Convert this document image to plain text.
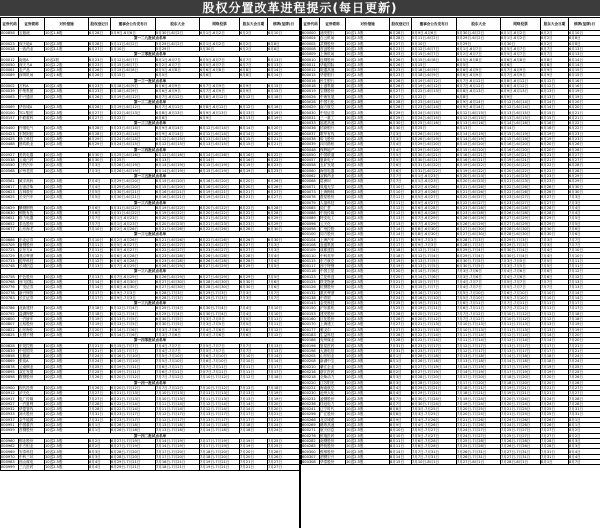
股权分置改革进程提示(每日更新)
证券代码	证券简称	对价措施	股权登记日	董事会公告发布日	股东大会	网络投票	股东大会日期	停牌(复牌)日
000858	五粮液	10送1.6股	6月28日	5月9日-6月6日	5月30日-6月2日	6月1日-6月2日	6月2日	6月10日
第一二九批试点名单								
000023	深天地A	10送2.5股	6月28日	5月11日-6月2日	5月29日-6月2日	6月1日-6月2日	6月2日	6月8日
000028	一致药业	10送3.1股	6月27日	5月10日	5月29日	5月30日	6月2日	6月8日
第一三零批试点名单								
000012	南玻A	10送2股	6月23日	5月12日-6月7日	6月1日-6月7日	6月5日-6月7日	6月7日	6月13日
000050	深天马A	10送2.2股	6月23日	5月15日-6月7日	6月2日-6月7日	6月5日-6月7日	6月7日	6月13日
000061	农产品	10送2.5股	6月26日	5月15日-6月8日	6月5日-6月8日	6月6日-6月8日	6月8日	6月14日
000089	深圳机场	10送1.6股	6月26日	5月15日	6月5日	6月6日	6月8日	6月14日
第一三一批试点名单								
000002	万科A	10送2.4股	6月23日	5月18日-6月9日	6月6日-6月9日	6月7日-6月9日	6月9日	6月15日
000039	中集集团	10送2.5股	6月23日	5月18日-6月9日	6月6日-6月9日	6月7日-6月9日	6月9日	6月15日
000063	中兴通讯	10送2.5股	6月26日	5月19日-6月12日	6月7日-6月12日	6月8日-6月12日	6月12日	6月16日
第一三二批试点名单								
000069	华侨城A	10送2.5股	6月26日	5月19日-6月12日	6月7日-6月12日	6月8日-6月12日	6月12日	6月16日
000100	TCL集团	10送2.5股	6月27日	5月22日-6月13日	6月8日-6月13日	6月9日-6月13日	6月13日	6月19日
000157	中联重科	10送2.5股	6月27日	5月22日	6月8日	6月9日	6月13日	6月19日
第一三三批试点名单								
000400	许继电气	10送2.5股	6月28日	5月23日-6月14日	6月9日-6月14日	6月12日-6月14日	6月14日	6月20日
000423	东阿阿胶	10送2.5股	6月28日	5月23日-6月14日	6月9日-6月14日	6月12日-6月14日	6月14日	6月20日
000425	徐工科技	10送2.8股	6月29日	5月24日-6月15日	6月12日-6月15日	6月13日-6月15日	6月15日	6月21日
000488	晨鸣纸业	10送2.5股	6月29日	5月24日-6月15日	6月12日-6月15日	6月13日-6月15日	6月15日	6月21日
第一三四批试点名单								
000527	美的电器	10送2.5股	6月30日	5月25日-6月16日	6月13日-6月16日	6月14日-6月16日	6月16日	6月22日
000538	云南白药	10送2.5股	6月30日	5月25日	6月13日	6月14日	6月16日	6月22日
000550	江铃汽车	10送2.5股	7月3日	5月26日-6月19日	6月14日-6月19日	6月15日-6月19日	6月19日	6月23日
000568	泸州老窖	10送2.5股	7月3日	5月26日-6月19日	6月14日-6月19日	6月15日-6月19日	6月19日	6月23日
第一三五批试点名单								
000581	威孚高科	10送2.5股	7月4日	5月29日-6月20日	6月15日-6月20日	6月16日-6月20日	6月20日	6月26日
000617	石油济柴	10送2.5股	7月4日	5月29日-6月20日	6月15日-6月20日	6月16日-6月20日	6月20日	6月26日
000623	吉林敖东	10送2.5股	7月5日	5月30日-6月21日	6月16日-6月21日	6月19日-6月21日	6月21日	6月27日
000625	长安汽车	10送2.5股	7月5日	5月30日-6月21日	6月16日-6月21日	6月19日-6月21日	6月21日	6月27日
第一三六批试点名单								
000629	攀钢钢钒	10送2.5股	7月6日	5月31日-6月22日	6月19日-6月22日	6月20日-6月22日	6月22日	6月28日
000630	铜陵有色	10送2.5股	7月6日	5月31日-6月22日	6月19日-6月22日	6月20日-6月22日	6月22日	6月28日
000651	格力电器	10送2.5股	7月7日	6月1日-6月23日	6月20日-6月23日	6月21日-6月23日	6月23日	6月29日
000652	泰达股份	10送2.5股	7月7日	6月1日-6月23日	6月20日-6月23日	6月21日-6月23日	6月23日	6月29日
000677	山东海龙	10送2.5股	7月10日	6月2日-6月26日	6月21日-6月26日	6月22日-6月26日	6月26日	6月30日
第一三七批试点名单								
000686	东北证券	10送2.5股	7月10日	6月2日-6月26日	6月21日-6月26日	6月22日-6月26日	6月26日	6月30日
000709	唐钢股份	10送2.5股	7月11日	6月5日-6月27日	6月22日-6月27日	6月23日-6月27日	6月27日	7月3日
000725	京东方A	10送2.5股	7月11日	6月5日-6月27日	6月22日-6月27日	6月23日-6月27日	6月27日	7月3日
000729	燕京啤酒	10送2.5股	7月12日	6月6日-6月28日	6月23日-6月28日	6月26日-6月28日	6月28日	7月4日
000733	振华科技	10送2.5股	7月12日	6月6日-6月28日	6月23日-6月28日	6月26日-6月28日	6月28日	7月4日
000748	长城信息	10送2.5股	7月13日	6月7日-6月29日	6月26日-6月29日	6月27日-6月29日	6月29日	7月5日
第一三八批试点名单								
000758	中色股份	10送2.5股	7月13日	6月7日-6月29日	6月26日-6月29日	6月27日-6月29日	6月29日	7月5日
000768	西飞国际	10送2.5股	7月14日	6月8日-6月30日	6月27日-6月30日	6月28日-6月30日	6月30日	7月6日
000776	广发证券	10送2.5股	7月14日	6月8日-6月30日	6月27日-6月30日	6月28日-6月30日	6月30日	7月6日
000778	新兴铸管	10送2.5股	7月17日	6月9日-7月3日	6月28日-7月3日	6月29日-7月3日	7月3日	7月7日
000783	长江证券	10送2.5股	7月17日	6月9日-7月3日	6月28日-7月3日	6月29日-7月3日	7月3日	7月7日
第一三九批试点名单								
000786	北新建材	10送2.5股	7月18日	6月12日-7月4日	6月29日-7月4日	6月30日-7月4日	7月4日	7月10日
000792	盐湖钾肥	10送2.5股	7月18日	6月12日-7月4日	6月29日-7月4日	6月30日-7月4日	7月4日	7月10日
000800	一汽轿车	10送2.5股	7月19日	6月13日-7月5日	6月30日-7月5日	7月3日-7月5日	7月5日	7月11日
000807	云铝股份	10送2.5股	7月19日	6月13日-7月5日	6月30日-7月5日	7月3日-7月5日	7月5日	7月11日
000822	山东海化	10送2.5股	7月20日	6月14日-7月6日	7月3日-7月6日	7月4日-7月6日	7月6日	7月12日
000825	太钢不锈	10送2.5股	7月20日	6月14日-7月6日	7月3日-7月6日	7月4日-7月6日	7月6日	7月12日
第一四零批试点名单								
000828	东莞控股	10送2.5股	7月21日	6月15日-7月7日	7月4日-7月7日	7月5日-7月7日	7月7日	7月13日
000839	中信国安	10送2.5股	7月21日	6月15日-7月7日	7月4日-7月7日	7月5日-7月7日	7月7日	7月13日
000858	五粮液	10送2.5股	7月24日	6月16日-7月10日	7月5日-7月10日	7月6日-7月10日	7月10日	7月14日
000869	张裕A	10送2.5股	7月24日	6月16日-7月10日	7月5日-7月10日	7月6日-7月10日	7月10日	7月14日
000878	云南铜业	10送2.5股	7月25日	6月19日-7月11日	7月6日-7月11日	7月7日-7月11日	7月11日	7月17日
000895	双汇发展	10送2.5股	7月25日	6月19日-7月11日	7月6日-7月11日	7月7日-7月11日	7月11日	7月17日
000898	鞍钢股份	10送2.5股	7月26日	6月20日-7月12日	7月7日-7月12日	7月10日-7月12日	7月12日	7月18日
第一四一批试点名单								
000900	现代投资	10送2.5股	7月26日	6月20日-7月12日	7月7日-7月12日	7月10日-7月12日	7月12日	7月18日
000912	泸天化	10送2.5股	7月27日	6月21日-7月13日	7月10日-7月13日	7月11日-7月13日	7月13日	7月19日
000917	电广传媒	10送2.5股	7月27日	6月21日-7月13日	7月10日-7月13日	7月11日-7月13日	7月13日	7月19日
000927	一汽夏利	10送2.5股	7月28日	6月22日-7月14日	7月11日-7月14日	7月12日-7月14日	7月14日	7月20日
000932	华菱管线	10送2.5股	7月28日	6月22日-7月14日	7月11日-7月14日	7月12日-7月14日	7月14日	7月20日
000933	神火股份	10送2.5股	7月31日	6月23日-7月17日	7月12日-7月17日	7月13日-7月17日	7月17日	7月21日
000937	金牛能源	10送2.5股	7月31日	6月23日-7月17日	7月12日-7月17日	7月13日-7月17日	7月17日	7月21日
000951	中国重汽	10送2.5股	8月1日	6月26日-7月18日	7月13日-7月18日	7月14日-7月18日	7月18日	7月24日
000959	首钢股份	10送2.5股	8月1日	6月26日-7月18日	7月13日-7月18日	7月14日-7月18日	7月18日	7月24日
第一四二批试点名单								
000960	锡业股份	10送2.5股	8月2日	6月27日-7月19日	7月14日-7月19日	7月17日-7月19日	7月19日	7月25日
000962	东方钽业	10送2.5股	8月2日	6月27日-7月19日	7月14日-7月19日	7月17日-7月19日	7月19日	7月25日
000969	安泰科技	10送2.5股	8月3日	6月28日-7月20日	7月17日-7月20日	7月18日-7月20日	7月20日	7月26日
000970	中科三环	10送2.5股	8月3日	6月28日-7月20日	7月17日-7月20日	7月18日-7月20日	7月20日	7月26日
000983	西山煤电	10送2.5股	8月4日	6月29日-7月21日	7月18日-7月21日	7月19日-7月21日	7月21日	7月27日
000999	三九医药	10送2.5股	8月4日	6月29日-7月21日	7月18日-7月21日	7月19日-7月21日	7月21日	7月27日
证券代码	证券简称	对价措施	股权登记日	董事会公告发布日	股东大会	网络投票	股东大会日期	停牌(复牌)日
600000	浦发银行	10送1.5股	6月28日	5月9日-6月6日	5月30日-6月2日	6月1日-6月2日	6月2日	6月10日
600004	白云机场	10送2.5股	6月28日	5月11日-6月2日	5月29日-6月2日	6月1日-6月2日	6月2日	6月8日
600005	武钢股份	10送2.5股	6月27日	5月10日	5月29日	5月30日	6月2日	6月8日
600008	首创股份	10送2.5股	6月23日	5月12日-6月7日	6月1日-6月7日	6月5日-6月7日	6月7日	6月13日
600009	上海机场	10送2.5股	6月23日	5月15日-6月7日	6月2日-6月7日	6月5日-6月7日	6月7日	6月13日
600010	包钢股份	10送2.5股	6月26日	5月15日-6月8日	6月5日-6月8日	6月6日-6月8日	6月8日	6月14日
600011	华能国际	10送2.5股	6月26日	5月15日	6月5日	6月6日	6月8日	6月14日
600012	皖通高速	10送2.5股	6月23日	5月18日-6月9日	6月6日-6月9日	6月7日-6月9日	6月9日	6月15日
600015	华夏银行	10送2.5股	6月23日	5月18日-6月9日	6月6日-6月9日	6月7日-6月9日	6月9日	6月15日
600016	民生银行	10送2.5股	6月26日	5月19日-6月12日	6月7日-6月12日	6月8日-6月12日	6月12日	6月16日
600018	上港集箱	10送2.5股	6月26日	5月19日-6月12日	6月7日-6月12日	6月8日-6月12日	6月12日	6月16日
600019	宝钢股份	10送2.5股	6月27日	5月22日-6月13日	6月8日-6月13日	6月9日-6月13日	6月13日	6月19日
600026	中海发展	10送2.5股	6月27日	5月22日	6月8日	6月9日	6月13日	6月19日
600028	中国石化	10送2.8股	6月28日	5月23日-6月14日	6月9日-6月14日	6月12日-6月14日	6月14日	6月20日
600029	南方航空	10送2.5股	6月28日	5月23日-6月14日	6月9日-6月14日	6月12日-6月14日	6月14日	6月20日
600030	中信证券	10送2.5股	6月29日	5月24日-6月15日	6月12日-6月15日	6月13日-6月15日	6月15日	6月21日
600031	三一重工	10送2.5股	6月29日	5月24日-6月15日	6月12日-6月15日	6月13日-6月15日	6月15日	6月21日
600033	福建高速	10送2.5股	6月30日	5月25日-6月16日	6月13日-6月16日	6月14日-6月16日	6月16日	6月22日
600036	招商银行	10送2.5股	6月30日	5月25日	6月13日	6月14日	6月16日	6月22日
600037	歌华有线	10送2.5股	7月3日	5月26日-6月19日	6月14日-6月19日	6月15日-6月19日	6月19日	6月23日
600038	哈飞股份	10送2.5股	7月3日	5月26日-6月19日	6月14日-6月19日	6月15日-6月19日	6月19日	6月23日
600039	四川路桥	10送2.5股	7月4日	5月29日-6月20日	6月15日-6月20日	6月16日-6月20日	6月20日	6月26日
600048	保利地产	10送2.5股	7月4日	5月29日-6月20日	6月15日-6月20日	6月16日-6月20日	6月20日	6月26日
600050	中国联通	10送2.5股	7月5日	5月30日-6月21日	6月16日-6月21日	6月19日-6月21日	6月21日	6月27日
600057	夏新电子	10送2.5股	7月5日	5月30日-6月21日	6月16日-6月21日	6月19日-6月21日	6月21日	6月27日
600058	五矿发展	10送2.5股	7月6日	5月31日-6月22日	6月19日-6月22日	6月20日-6月22日	6月22日	6月28日
600060	海信电器	10送2.5股	7月6日	5月31日-6月22日	6月19日-6月22日	6月20日-6月22日	6月22日	6月28日
600062	双鹤药业	10送2.5股	7月7日	6月1日-6月23日	6月20日-6月23日	6月21日-6月23日	6月23日	6月29日
600068	葛洲坝	10送2.5股	7月7日	6月1日-6月23日	6月20日-6月23日	6月21日-6月23日	6月23日	6月29日
600071	凤凰光学	10送2.5股	7月10日	6月2日-6月26日	6月21日-6月26日	6月22日-6月26日	6月26日	6月30日
600073	上海梅林	10送2.5股	7月10日	6月2日-6月26日	6月21日-6月26日	6月22日-6月26日	6月26日	6月30日
600078	澄星股份	10送2.5股	7月11日	6月5日-6月27日	6月22日-6月27日	6月23日-6月27日	6月27日	7月3日
600079	人福科技	10送2.5股	7月11日	6月5日-6月27日	6月22日-6月27日	6月23日-6月27日	6月27日	7月3日
600085	同仁堂	10送2.5股	7月12日	6月6日-6月28日	6月23日-6月28日	6月26日-6月28日	6月28日	7月4日
600088	中视传媒	10送2.5股	7月12日	6月6日-6月28日	6月23日-6月28日	6月26日-6月28日	6月28日	7月4日
600089	特变电工	10送2.5股	7月13日	6月7日-6月29日	6月26日-6月29日	6月27日-6月29日	6月29日	7月5日
600096	云天化	10送2.5股	7月13日	6月7日-6月29日	6月26日-6月29日	6月27日-6月29日	6月29日	7月5日
600098	广州控股	10送2.5股	7月14日	6月8日-6月30日	6月27日-6月30日	6月28日-6月30日	6月30日	7月6日
600100	同方股份	10送2.5股	7月14日	6月8日-6月30日	6月27日-6月30日	6月28日-6月30日	6月30日	7月6日
600104	上海汽车	10送2.5股	7月17日	6月9日-7月3日	6月28日-7月3日	6月29日-7月3日	7月3日	7月7日
600108	亚盛集团	10送2.5股	7月17日	6月9日-7月3日	6月28日-7月3日	6月29日-7月3日	7月3日	7月7日
600109	成都建投	10送2.5股	7月18日	6月12日-7月4日	6月29日-7月4日	6月30日-7月4日	7月4日	7月10日
600110	中科英华	10送2.5股	7月18日	6月12日-7月4日	6月29日-7月4日	6月30日-7月4日	7月4日	7月10日
600115	东方航空	10送2.5股	7月19日	6月13日-7月5日	6月30日-7月5日	7月3日-7月5日	7月5日	7月11日
600117	西宁特钢	10送2.5股	7月19日	6月13日-7月5日	6月30日-7月5日	7月3日-7月5日	7月5日	7月11日
600118	中国卫星	10送2.5股	7月20日	6月14日-7月6日	7月3日-7月6日	7月4日-7月6日	7月6日	7月12日
600123	兰花科创	10送2.5股	7月20日	6月14日-7月6日	7月3日-7月6日	7月4日-7月6日	7月6日	7月12日
600125	铁龙物流	10送2.5股	7月21日	6月15日-7月7日	7月4日-7月7日	7月5日-7月7日	7月7日	7月13日
600126	杭钢股份	10送2.5股	7月21日	6月15日-7月7日	7月4日-7月7日	7月5日-7月7日	7月7日	7月13日
600132	重庆啤酒	10送2.5股	7月24日	6月16日-7月10日	7月5日-7月10日	7月6日-7月10日	7月10日	7月14日
600138	中青旅	10送2.5股	7月24日	6月16日-7月10日	7月5日-7月10日	7月6日-7月10日	7月10日	7月14日
600143	金发科技	10送2.5股	7月25日	6月19日-7月11日	7月6日-7月11日	7月7日-7月11日	7月11日	7月17日
600150	沪东重机	10送2.5股	7月25日	6月19日-7月11日	7月6日-7月11日	7月7日-7月11日	7月11日	7月17日
600153	建发股份	10送2.5股	7月26日	6月20日-7月12日	7月7日-7月12日	7月10日-7月12日	7月12日	7月18日
600160	巨化股份	10送2.5股	7月26日	6月20日-7月12日	7月7日-7月12日	7月10日-7月12日	7月12日	7月18日
600170	上海建工	10送2.5股	7月27日	6月21日-7月13日	7月10日-7月13日	7月11日-7月13日	7月13日	7月19日
600177	雅戈尔	10送2.5股	7月27日	6月21日-7月13日	7月10日-7月13日	7月11日-7月13日	7月13日	7月19日
600183	生益科技	10送2.5股	7月28日	6月22日-7月14日	7月11日-7月14日	7月12日-7月14日	7月14日	7月20日
600188	兖州煤业	10送2.5股	7月28日	6月22日-7月14日	7月11日-7月14日	7月12日-7月14日	7月14日	7月20日
600196	复星医药	10送2.5股	7月31日	6月23日-7月17日	7月12日-7月17日	7月13日-7月17日	7月17日	7月21日
600198	大唐电信	10送2.5股	7月31日	6月23日-7月17日	7月12日-7月17日	7月13日-7月17日	7月17日	7月21日
600205	山东铝业	10送2.5股	8月1日	6月26日-7月18日	7月13日-7月18日	7月14日-7月18日	7月18日	7月24日
600208	新湖中宝	10送2.5股	8月1日	6月26日-7月18日	7月13日-7月18日	7月14日-7月18日	7月18日	7月24日
600210	紫江企业	10送2.5股	8月2日	6月27日-7月19日	7月14日-7月19日	7月17日-7月19日	7月19日	7月25日
600216	浙江医药	10送2.5股	8月2日	6月27日-7月19日	7月14日-7月19日	7月17日-7月19日	7月19日	7月25日
600218	全柴动力	10送2.5股	8月3日	6月28日-7月20日	7月17日-7月20日	7月18日-7月20日	7月20日	7月26日
600220	江苏阳光	10送2.5股	8月3日	6月28日-7月20日	7月17日-7月20日	7月18日-7月20日	7月20日	7月26日
600221	海南航空	10送2.5股	8月4日	6月29日-7月21日	7月18日-7月21日	7月19日-7月21日	7月21日	7月27日
600230	沧州大化	10送2.5股	8月4日	6月29日-7月21日	7月18日-7月21日	7月19日-7月21日	7月21日	7月27日
600231	凌钢股份	10送2.5股	8月7日	6月30日-7月24日	7月19日-7月24日	7月20日-7月24日	7月24日	7月28日
600236	桂冠电力	10送2.5股	8月7日	6月30日-7月24日	7月19日-7月24日	7月20日-7月24日	7月24日	7月28日
600241	辽宁时代	10送2.5股	8月8日	7月3日-7月25日	7月20日-7月25日	7月21日-7月25日	7月25日	7月31日
600256	广汇股份	10送2.5股	8月8日	7月3日-7月25日	7月20日-7月25日	7月21日-7月25日	7月25日	7月31日
600266	北京城建	10送2.5股	8月9日	7月4日-7月26日	7月21日-7月26日	7月24日-7月26日	7月26日	8月1日
600269	赣粤高速	10送2.5股	8月9日	7月4日-7月26日	7月21日-7月26日	7月24日-7月26日	7月26日	8月1日
600271	航天信息	10送2.5股	8月10日	7月5日-7月27日	7月24日-7月27日	7月25日-7月27日	7月27日	8月2日
600276	恒瑞医药	10送2.5股	8月10日	7月5日-7月27日	7月24日-7月27日	7月25日-7月27日	7月27日	8月2日
600282	南钢股份	10送2.5股	8月11日	7月6日-7月28日	7月25日-7月28日	7月26日-7月28日	7月28日	8月3日
600285	羚锐股份	10送2.5股	8月11日	7月6日-7月28日	7月25日-7月28日	7月26日-7月28日	7月28日	8月3日
600300	维维股份	10送2.5股	8月14日	7月7日-7月31日	7月26日-7月31日	7月27日-7月31日	7月31日	8月4日
600307	酒钢宏兴	10送2.5股	8月14日	7月7日-7月31日	7月26日-7月31日	7月27日-7月31日	7月31日	8月4日
600308	华泰股份	10送2.5股	8月15日	7月10日-8月1日	7月27日-8月1日	7月28日-8月1日	8月1日	8月7日
